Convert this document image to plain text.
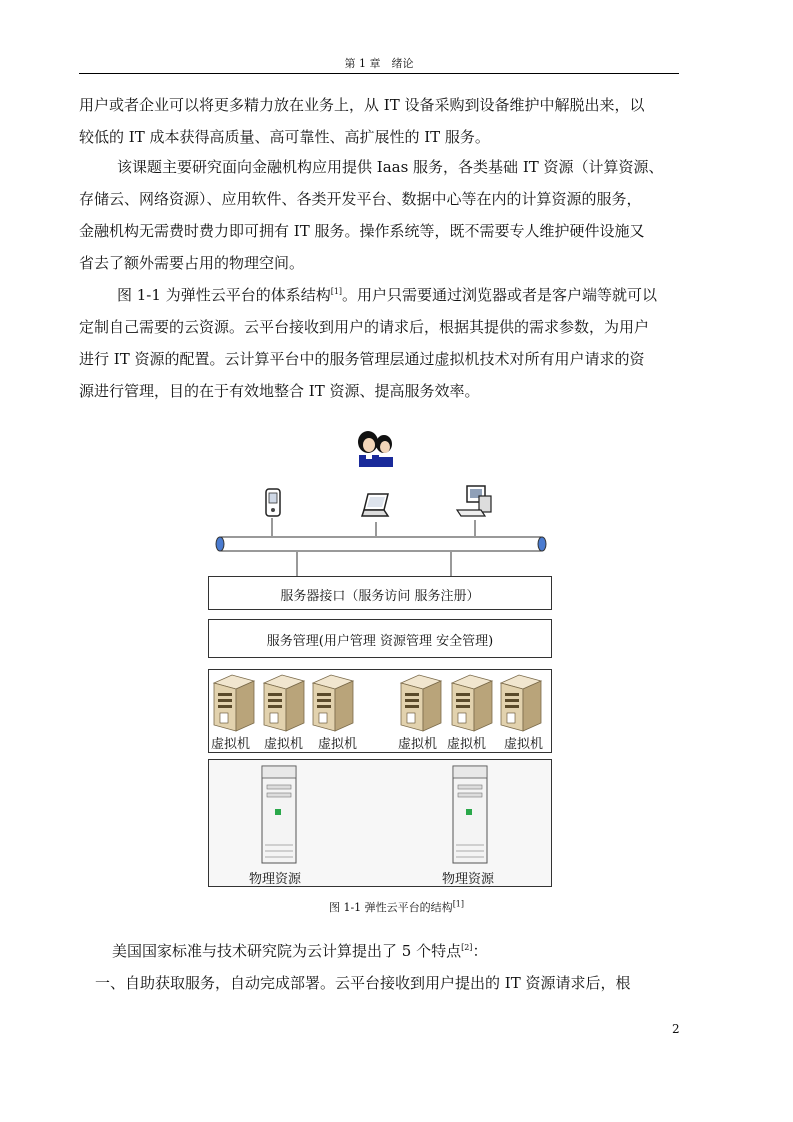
第 1 章　绪论
用户或者企业可以将更多精力放在业务上，从 IT 设备采购到设备维护中解脱出来，以
较低的 IT 成本获得高质量、高可靠性、高扩展性的 IT 服务。
该课题主要研究面向金融机构应用提供 Iaas 服务，各类基础 IT 资源（计算资源、
存储云、网络资源）、应用软件、各类开发平台、数据中心等在内的计算资源的服务，
金融机构无需费时费力即可拥有 IT 服务。操作系统等，既不需要专人维护硬件设施又
省去了额外需要占用的物理空间。
图 1-1 为弹性云平台的体系结构[1]。用户只需要通过浏览器或者是客户端等就可以
定制自己需要的云资源。云平台接收到用户的请求后，根据其提供的需求参数，为用户
进行 IT 资源的配置。云计算平台中的服务管理层通过虚拟机技术对所有用户请求的资
源进行管理，目的在于有效地整合 IT 资源、提高服务效率。
服务器接口（服务访问 服务注册）
服务管理(用户管理 资源管理 安全管理)
虚拟机 虚拟机 虚拟机	虚拟机 虚拟机 虚拟机
物理资源	物理资源
图 1-1 弹性云平台的结构[1]
美国国家标准与技术研究院为云计算提出了 5 个特点[2]：
一、自助获取服务，自动完成部署。云平台接收到用户提出的 IT 资源请求后，根
2
